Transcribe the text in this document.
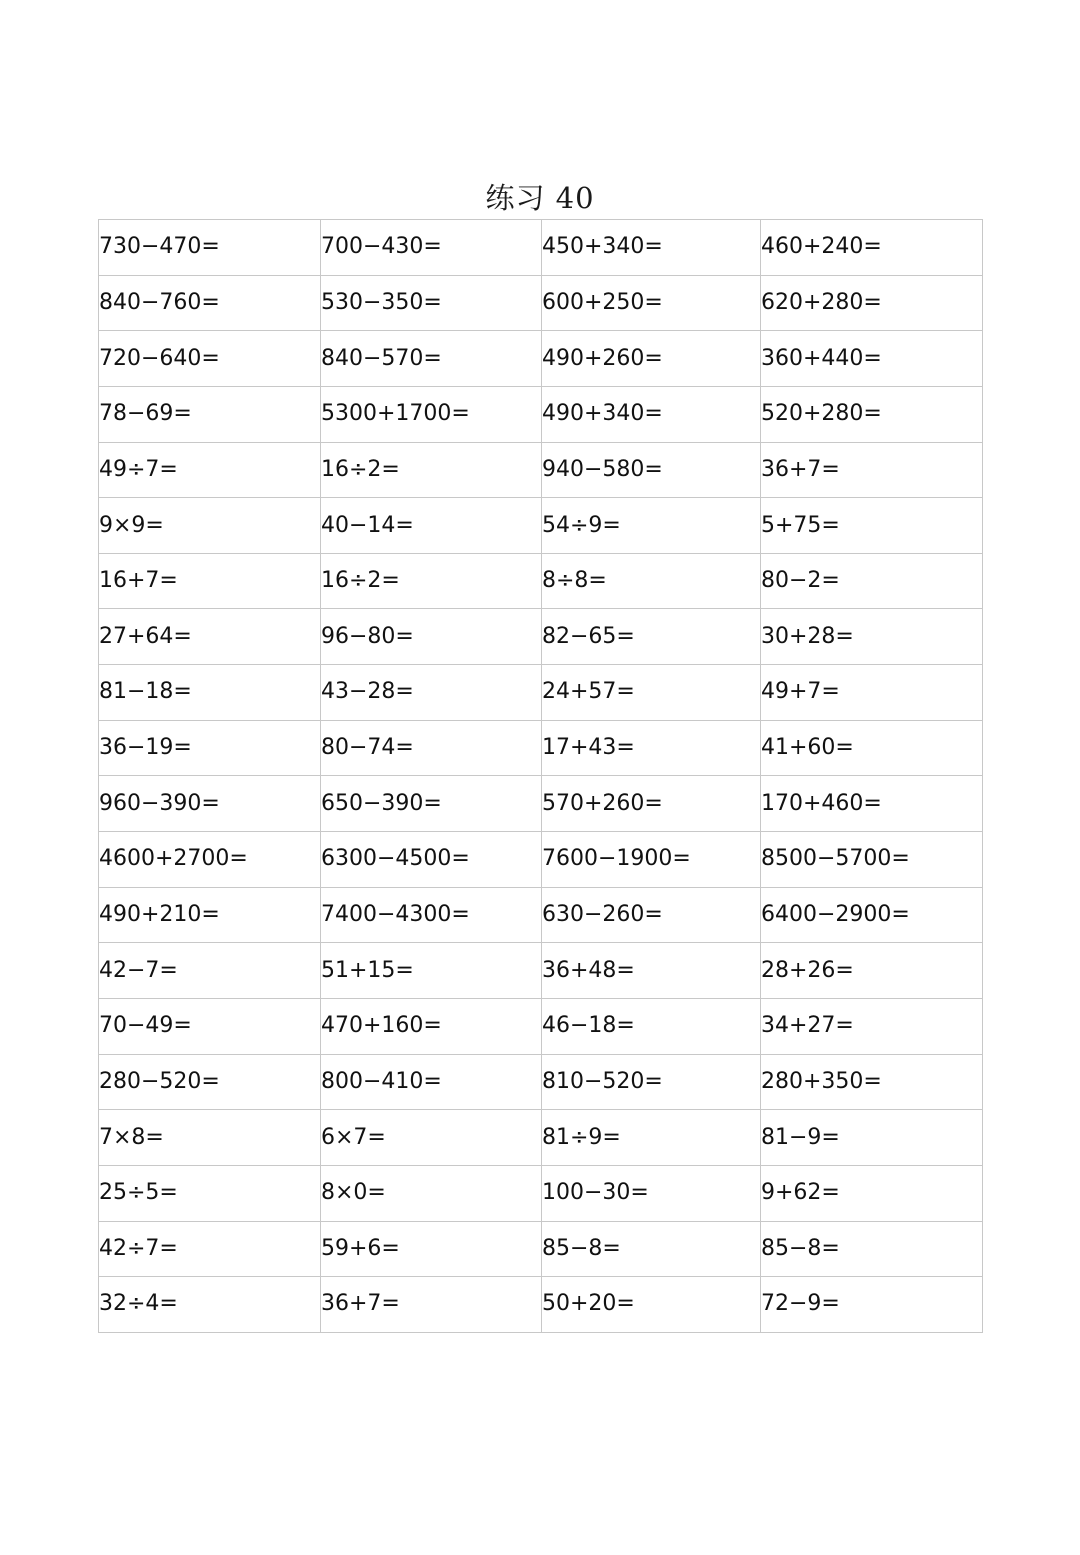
练习 40
730−470=	700−430=	450+340=	460+240=
840−760=	530−350=	600+250=	620+280=
720−640=	840−570=	490+260=	360+440=
78−69=	5300+1700=	490+340=	520+280=
49÷7=	16÷2=	940−580=	36+7=
9×9=	40−14=	54÷9=	5+75=
16+7=	16÷2=	8÷8=	80−2=
27+64=	96−80=	82−65=	30+28=
81−18=	43−28=	24+57=	49+7=
36−19=	80−74=	17+43=	41+60=
960−390=	650−390=	570+260=	170+460=
4600+2700=	6300−4500=	7600−1900=	8500−5700=
490+210=	7400−4300=	630−260=	6400−2900=
42−7=	51+15=	36+48=	28+26=
70−49=	470+160=	46−18=	34+27=
280−520=	800−410=	810−520=	280+350=
7×8=	6×7=	81÷9=	81−9=
25÷5=	8×0=	100−30=	9+62=
42÷7=	59+6=	85−8=	85−8=
32÷4=	36+7=	50+20=	72−9=
